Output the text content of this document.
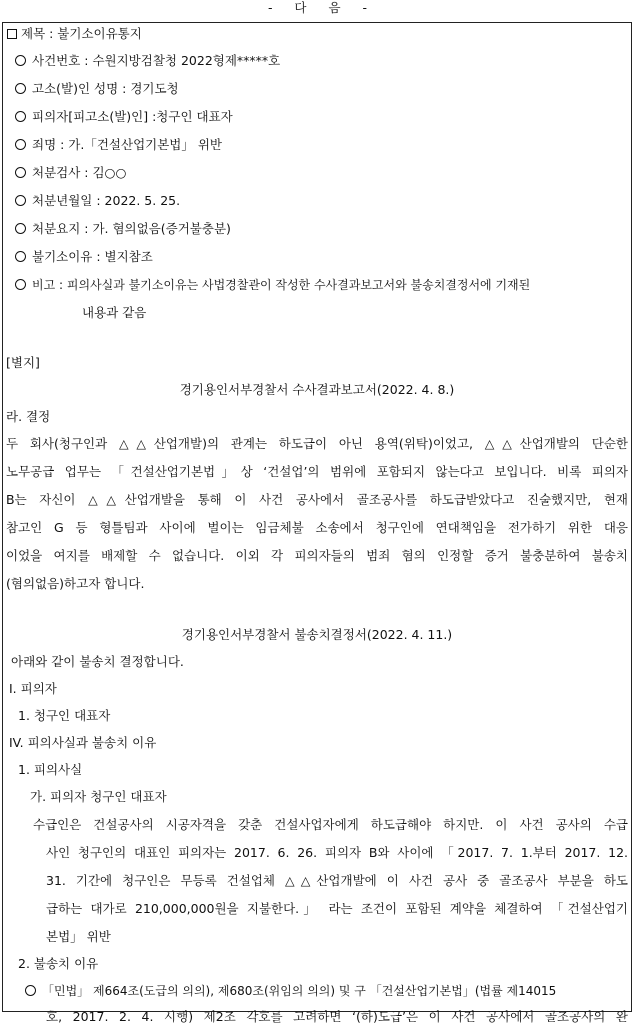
- 다 음 -
제목 : 불기소이유통지
사건번호 : 수원지방검찰청 2022형제*****호
고소(발)인 성명 : 경기도청
피의자[피고소(발)인] :청구인 대표자
죄명 : 가.「건설산업기본법」 위반
처분검사 : 김○○
처분년월일 : 2022. 5. 25.
처분요지 : 가. 혐의없음(증거불충분)
불기소이유 : 별지참조
비고 : 피의사실과 불기소이유는 사법경찰관이 작성한 수사결과보고서와 불송치결정서에 기재된
내용과 같음
[별지]
경기용인서부경찰서 수사결과보고서(2022. 4. 8.)
라. 결정
두 회사(청구인과 △△산업개발)의 관계는 하도급이 아닌 용역(위탁)이었고, △△산업개발의 단순한
노무공급 업무는 「건설산업기본법」상 ‘건설업’의 범위에 포함되지 않는다고 보입니다. 비록 피의자
B는 자신이 △△산업개발을 통해 이 사건 공사에서 골조공사를 하도급받았다고 진술했지만, 현재
참고인 G 등 형틀팀과 사이에 벌이는 임금체불 소송에서 청구인에 연대책임을 전가하기 위한 대응
이었을 여지를 배제할 수 없습니다. 이외 각 피의자들의 범죄 혐의 인정할 증거 불충분하여 불송치
(혐의없음)하고자 합니다.
경기용인서부경찰서 불송치결정서(2022. 4. 11.)
아래와 같이 불송치 결정합니다.
I. 피의자
1. 청구인 대표자
IV. 피의사실과 불송치 이유
1. 피의사실
가. 피의자 청구인 대표자
수급인은 건설공사의 시공자격을 갖춘 건설사업자에게 하도급해야 하지만. 이 사건 공사의 수급
사인 청구인의 대표인 피의자는 2017. 6. 26. 피의자 B와 사이에 「2017. 7. 1.부터 2017. 12.
31. 기간에 청구인은 무등록 건설업체 △△산업개발에 이 사건 공사 중 골조공사 부분을 하도
급하는 대가로 210,000,000원을 지불한다.」 라는 조건이 포함된 계약을 체결하여 「건설산업기
본법」 위반
2. 불송치 이유
「민법」 제664조(도급의 의의), 제680조(위임의 의의) 및 구 「건설산업기본법」(법률 제14015
호, 2017. 2. 4. 시행) 제2조 각호를 고려하면 ‘(하)도급’은 이 사건 공사에서 골조공사의 완
